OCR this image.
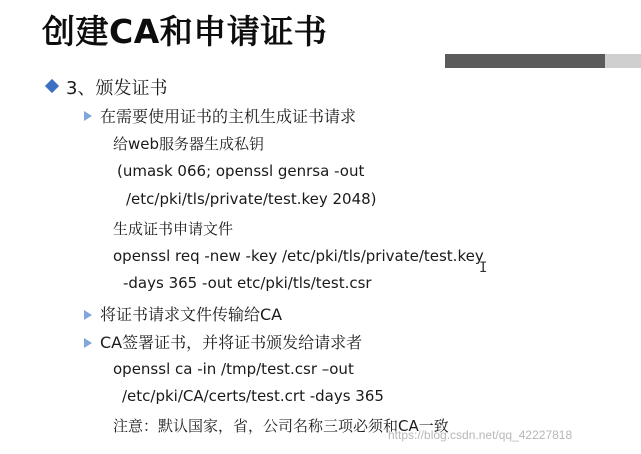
创建CA和申请证书
3、颁发证书
在需要使用证书的主机生成证书请求
给web服务器生成私钥
(umask 066; openssl genrsa -out
/etc/pki/tls/private/test.key 2048)
生成证书申请文件
openssl req -new -key /etc/pki/tls/private/test.key
-days 365 -out etc/pki/tls/test.csr
将证书请求文件传输给CA
CA签署证书，并将证书颁发给请求者
openssl ca -in /tmp/test.csr –out
/etc/pki/CA/certs/test.crt -days 365
注意：默认国家，省，公司名称三项必须和CA一致
I
https://blog.csdn.net/qq_42227818
